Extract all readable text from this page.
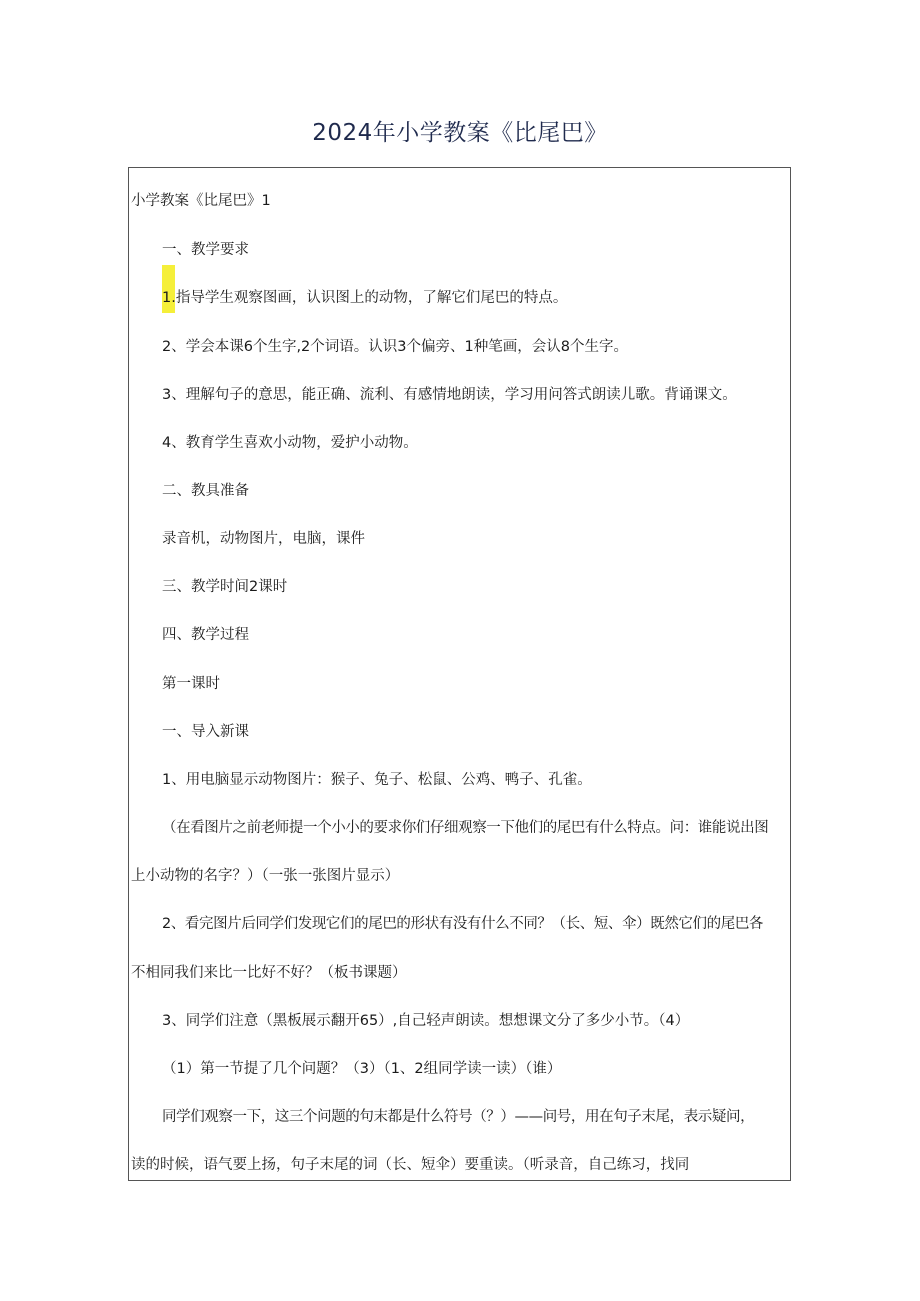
2024年小学教案《比尾巴》
小学教案《比尾巴》1
一、教学要求
1.指导学生观察图画，认识图上的动物，了解它们尾巴的特点。
2、学会本课6个生字,2个词语。认识3个偏旁、1种笔画，会认8个生字。
3、理解句子的意思，能正确、流利、有感情地朗读，学习用问答式朗读儿歌。背诵课文。
4、教育学生喜欢小动物，爱护小动物。
二、教具准备
录音机，动物图片，电脑，课件
三、教学时间2课时
四、教学过程
第一课时
一、导入新课
1、用电脑显示动物图片：猴子、兔子、松鼠、公鸡、鸭子、孔雀。
（在看图片之前老师提一个小小的要求你们仔细观察一下他们的尾巴有什么特点。问：谁能说出图
上小动物的名字？）（一张一张图片显示）
2、看完图片后同学们发现它们的尾巴的形状有没有什么不同？（长、短、伞）既然它们的尾巴各
不相同我们来比一比好不好？（板书课题）
3、同学们注意（黑板展示翻开65）,自己轻声朗读。想想课文分了多少小节。（4）
（1）第一节提了几个问题？（3）（1、2组同学读一读）（谁）
同学们观察一下，这三个问题的句末都是什么符号（？）——问号，用在句子末尾，表示疑问，
读的时候，语气要上扬，句子末尾的词（长、短伞）要重读。（听录音，自己练习，找同
